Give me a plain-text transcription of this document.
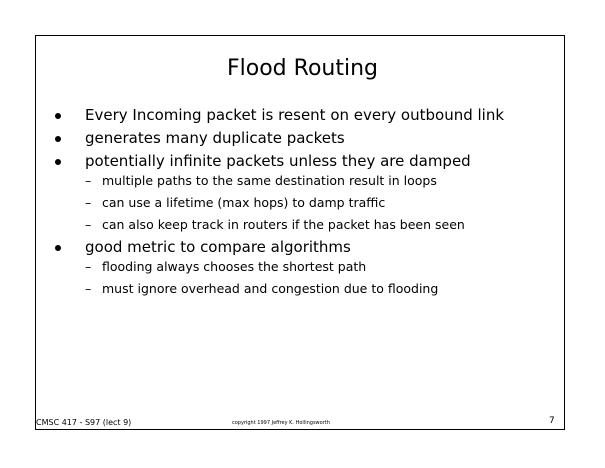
Flood Routing
Every Incoming packet is resent on every outbound link
generates many duplicate packets
potentially infinite packets unless they are damped
– multiple paths to the same destination result in loops
– can use a lifetime (max hops) to damp traffic
– can also keep track in routers if the packet has been seen
good metric to compare algorithms
– flooding always chooses the shortest path
– must ignore overhead and congestion due to flooding
CMSC 417 - S97 (lect 9)	copyright 1997 Jeffrey K. Hollingsworth	7
